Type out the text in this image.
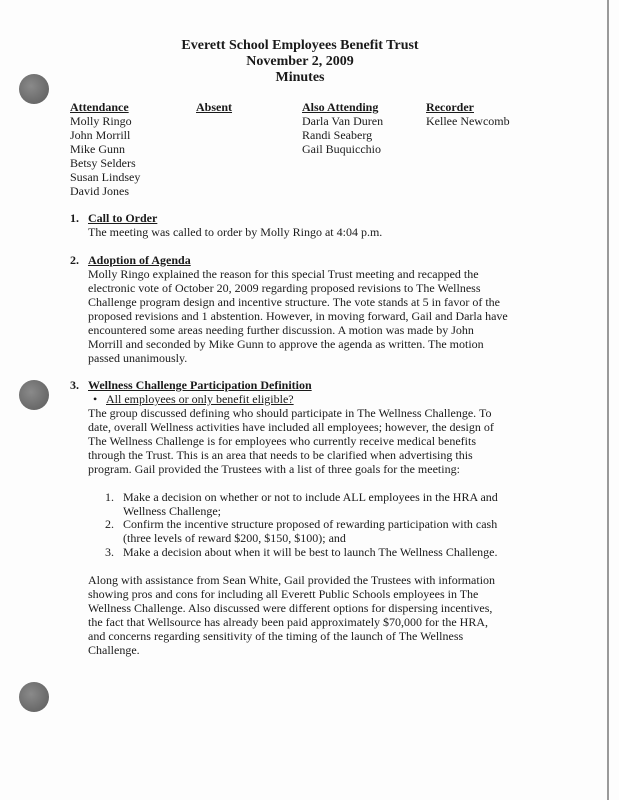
Everett School Employees Benefit Trust
November 2, 2009
Minutes
Attendance
Molly Ringo
John Morrill
Mike Gunn
Betsy Selders
Susan Lindsey
David Jones
Absent	Also Attending
Darla Van Duren
Randi Seaberg
Gail Buquicchio
Recorder
Kellee Newcomb
1. Call to Order
The meeting was called to order by Molly Ringo at 4:04 p.m.
2. Adoption of Agenda
Molly Ringo explained the reason for this special Trust meeting and recapped the
electronic vote of October 20, 2009 regarding proposed revisions to The Wellness
Challenge program design and incentive structure. The vote stands at 5 in favor of the
proposed revisions and 1 abstention. However, in moving forward, Gail and Darla have
encountered some areas needing further discussion. A motion was made by John
Morrill and seconded by Mike Gunn to approve the agenda as written. The motion
passed unanimously.
3. Wellness Challenge Participation Definition
• All employees or only benefit eligible?
The group discussed defining who should participate in The Wellness Challenge. To
date, overall Wellness activities have included all employees; however, the design of
The Wellness Challenge is for employees who currently receive medical benefits
through the Trust. This is an area that needs to be clarified when advertising this
program. Gail provided the Trustees with a list of three goals for the meeting:
1. Make a decision on whether or not to include ALL employees in the HRA and
Wellness Challenge;
2. Confirm the incentive structure proposed of rewarding participation with cash
(three levels of reward $200, $150, $100); and
3. Make a decision about when it will be best to launch The Wellness Challenge.
Along with assistance from Sean White, Gail provided the Trustees with information
showing pros and cons for including all Everett Public Schools employees in The
Wellness Challenge. Also discussed were different options for dispersing incentives,
the fact that Wellsource has already been paid approximately $70,000 for the HRA,
and concerns regarding sensitivity of the timing of the launch of The Wellness
Challenge.
